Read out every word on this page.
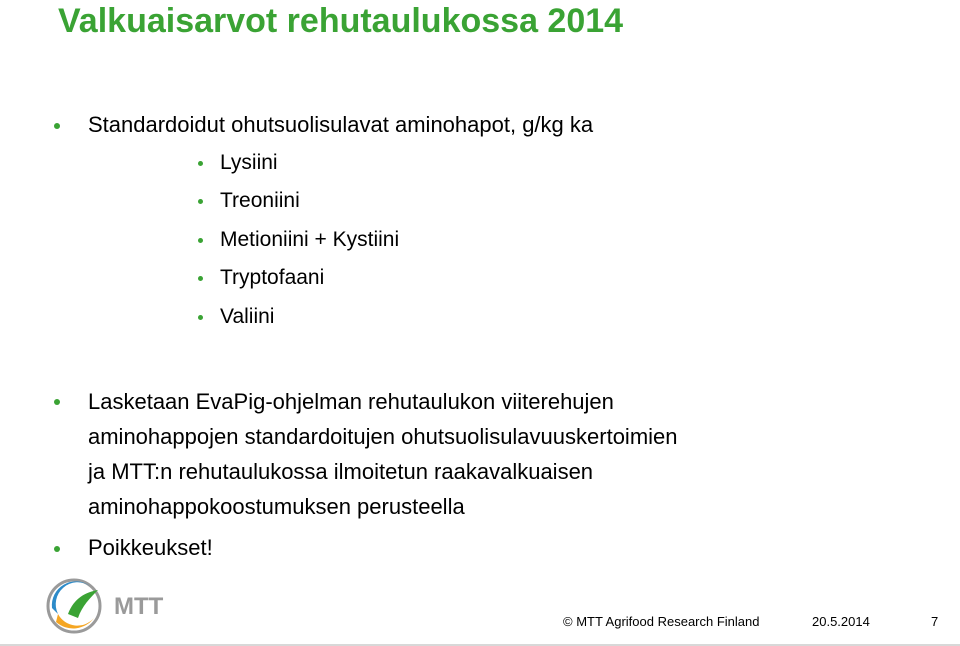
Valkuaisarvot rehutaulukossa 2014
Standardoidut ohutsuolisulavat aminohapot, g/kg ka
Lysiini
Treoniini
Metioniini + Kystiini
Tryptofaani
Valiini
Lasketaan EvaPig-ohjelman rehutaulukon viiterehujen
aminohappojen standardoitujen ohutsuolisulavuuskertoimien
ja MTT:n rehutaulukossa ilmoitetun raakavalkuaisen
aminohappokoostumuksen perusteella
Poikkeukset!
MTT
© MTT Agrifood Research Finland	20.5.2014	7
